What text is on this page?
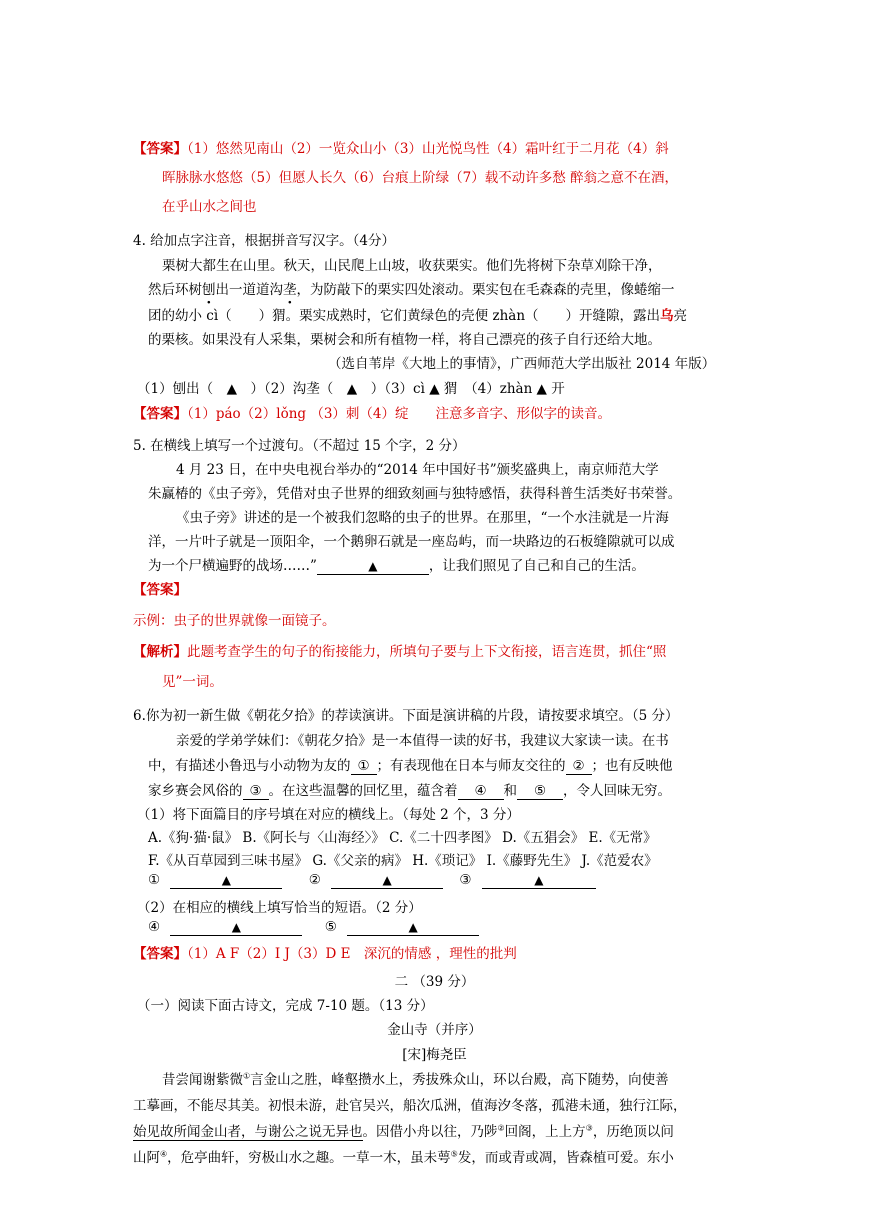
【答案】（1）悠然见南山（2）一览众山小（3）山光悦鸟性（4）霜叶红于二月花（4）斜
晖脉脉水悠悠（5）但愿人长久（6）台痕上阶绿（7）载不动许多愁 醉翁之意不在酒，
在乎山水之间也
4. 给加点字注音，根据拼音写汉字。（4分）
栗树大都生在山里。秋天，山民爬上山坡，收获栗实。他们先将树下杂草刈除干净，
然后环树刨出一道道沟垄，为防敲下的栗实四处滚动。栗实包在毛森森的壳里，像蜷缩一
团的幼小 cì（　　）猬。栗实成熟时，它们黄绿色的壳便 zhàn（　　）开缝隙，露出乌亮
的栗核。如果没有人采集，栗树会和所有植物一样，将自己漂亮的孩子自行还给大地。
（选自苇岸《大地上的事情》，广西师范大学出版社 2014 年版）
（1）刨出（　▲　）（2）沟垄（　▲　）（3）cì ▲ 猬　（4）zhàn ▲ 开
【答案】（1）páo（2）lǒng （3）刺（4）绽　　注意多音字、形似字的读音。
5. 在横线上填写一个过渡句。（不超过 15 个字，2 分）
4 月 23 日，在中央电视台举办的“2014 年中国好书”颁奖盛典上，南京师范大学
朱赢椿的《虫子旁》，凭借对虫子世界的细致刻画与独特感悟，获得科普生活类好书荣誉。
《虫子旁》讲述的是一个被我们忽略的虫子的世界。在那里，“一个水洼就是一片海
洋，一片叶子就是一顶阳伞，一个鹅卵石就是一座岛屿，而一块路边的石板缝隙就可以成
为一个尸横遍野的战场……”	▲	，让我们照见了自己和自己的生活。
【答案】
示例：虫子的世界就像一面镜子。
【解析】此题考查学生的句子的衔接能力，所填句子要与上下文衔接，语言连贯，抓住“照
见”一词。
6.你为初一新生做《朝花夕拾》的荐读演讲。下面是演讲稿的片段，请按要求填空。（5 分）
亲爱的学弟学妹们：《朝花夕拾》是一本值得一读的好书，我建议大家读一读。在书
中，有描述小鲁迅与小动物为友的 ① ；有表现他在日本与师友交往的 ② ；也有反映他
家乡赛会风俗的 ③ 。在这些温馨的回忆里，蕴含着 ④ 和 ⑤ ，令人回味无穷。
（1）将下面篇目的序号填在对应的横线上。（每处 2 个，3 分）
A.《狗·猫·鼠》 B.《阿长与〈山海经〉》 C.《二十四孝图》 D.《五猖会》 E.《无常》
F.《从百草园到三味书屋》 G.《父亲的病》 H.《琐记》 I.《藤野先生》 J.《范爱农》
①	▲	②	▲	③	▲
（2）在相应的横线上填写恰当的短语。（2 分）
④	▲	⑤	▲
【答案】（1）A F（2）I J（3）D E　深沉的情感 ，理性的批判
二 （39 分）
（一）阅读下面古诗文，完成 7-10 题。（13 分）
金山寺（并序）
[宋]梅尧臣
昔尝闻谢紫微①言金山之胜，峰壑攒水上，秀拔殊众山，环以台殿，高下随势，向使善
工摹画，不能尽其美。初恨未游，赴官吴兴，船次瓜洲，值海汐冬落，孤港未通，独行江际，
始见故所闻金山者，与谢公之说无异也。因借小舟以往，乃陟②回阁，上上方③，历绝顶以问
山阿④，危亭曲轩，穷极山水之趣。一草一木，虽未萼⑤发，而或青或凋，皆森植可爱。东小
